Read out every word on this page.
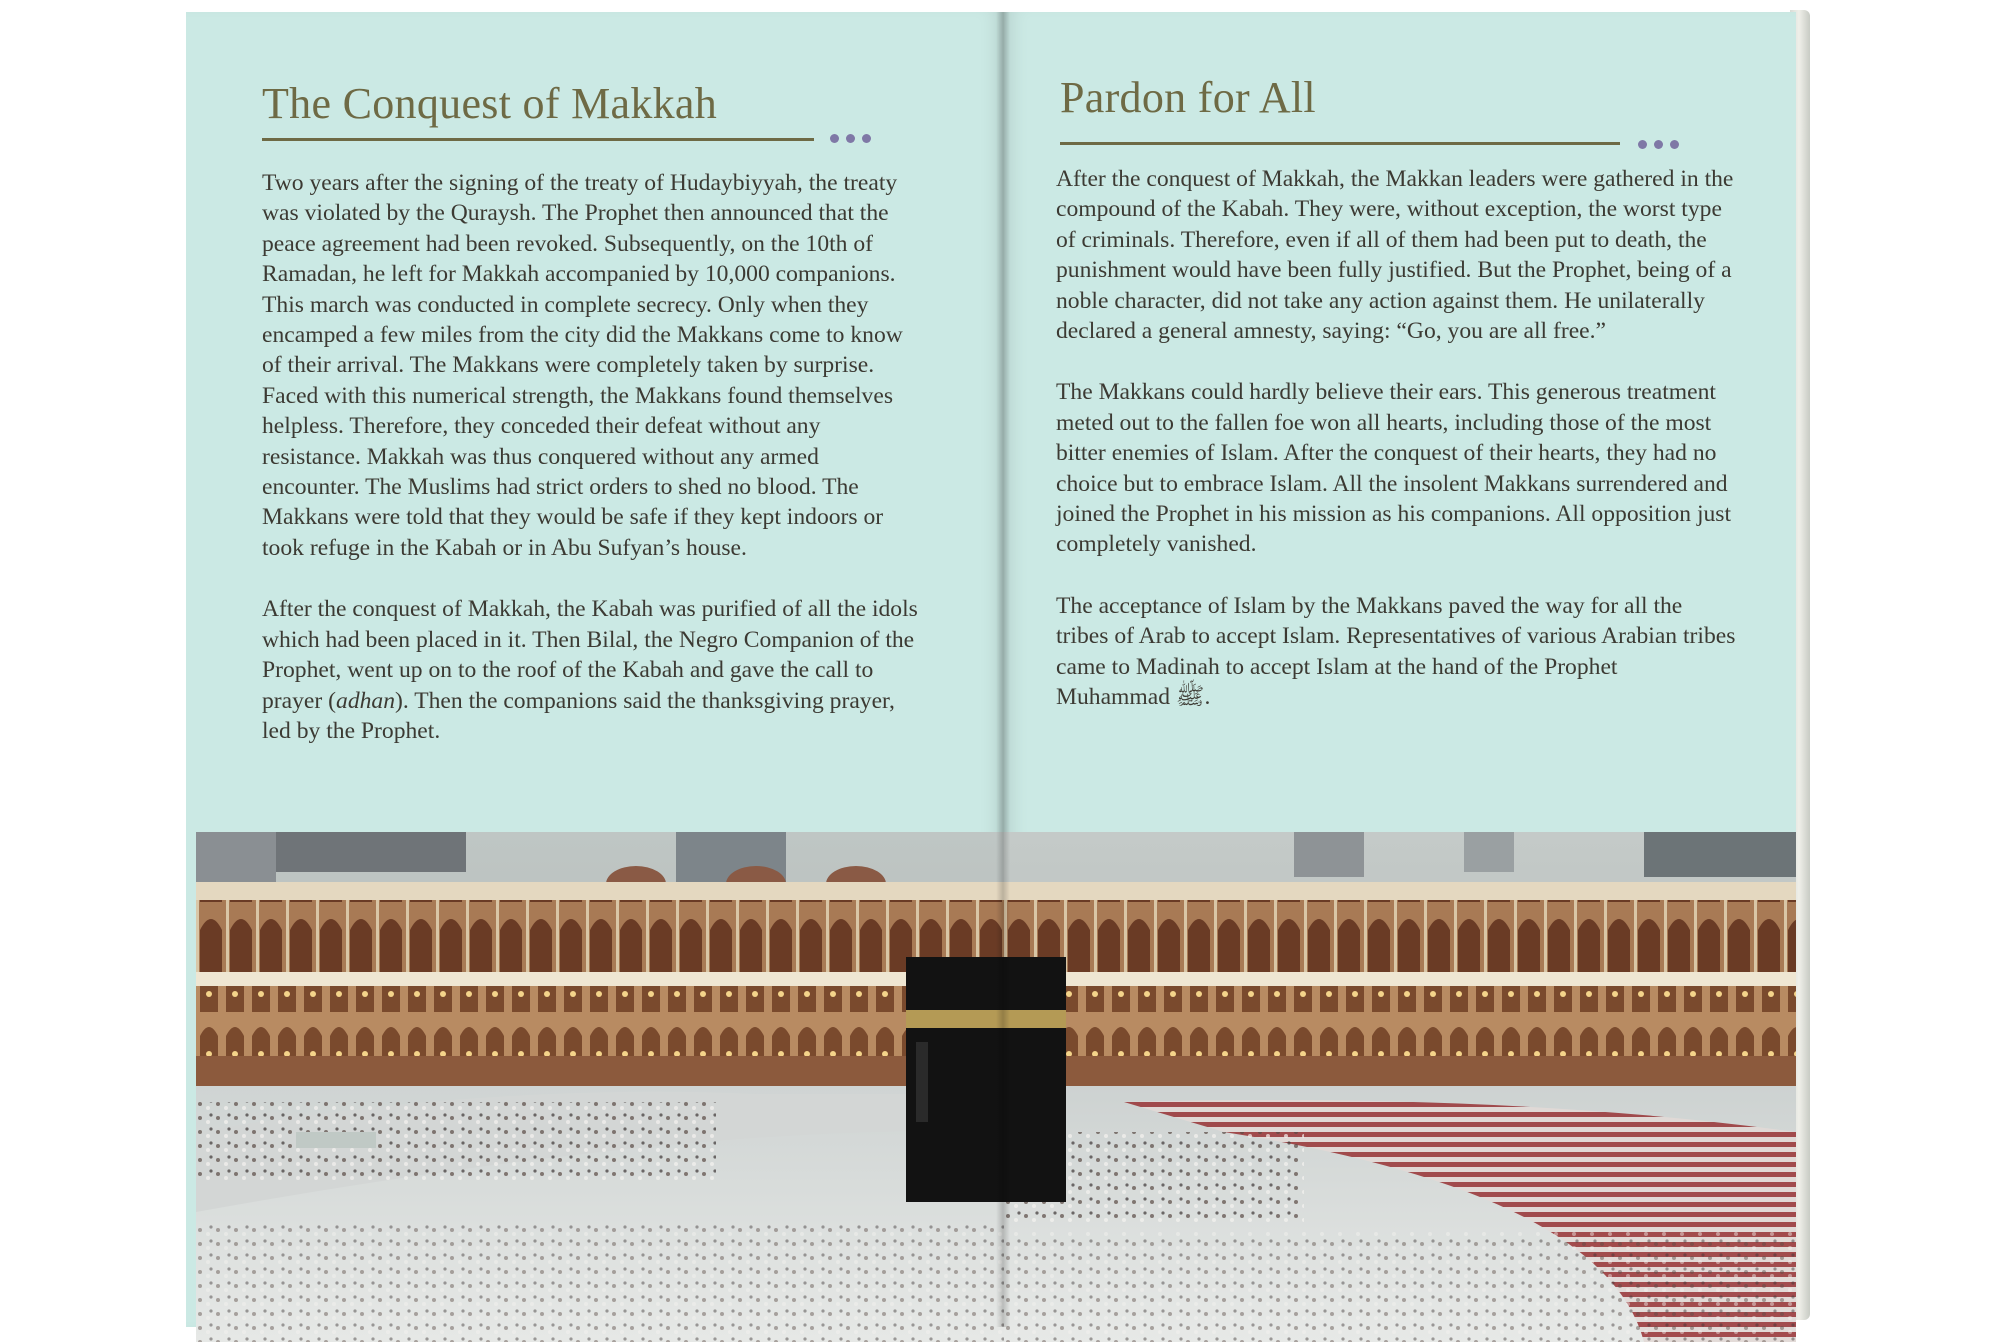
The Conquest of Makkah

Two years after the signing of the treaty of Hudaybiyyah, the treaty was violated by the Quraysh. The Prophet then announced that the peace agreement had been revoked. Subsequently, on the 10th of Ramadan, he left for Makkah accompanied by 10,000 companions. This march was conducted in complete secrecy. Only when they encamped a few miles from the city did the Makkans come to know of their arrival. The Makkans were completely taken by surprise. Faced with this numerical strength, the Makkans found themselves helpless. Therefore, they conceded their defeat without any resistance. Makkah was thus conquered without any armed encounter. The Muslims had strict orders to shed no blood. The Makkans were told that they would be safe if they kept indoors or took refuge in the Kabah or in Abu Sufyan’s house.

After the conquest of Makkah, the Kabah was purified of all the idols which had been placed in it. Then Bilal, the Negro Companion of the Prophet, went up on to the roof of the Kabah and gave the call to prayer (adhan). Then the companions said the thanksgiving prayer, led by the Prophet.

Pardon for All

After the conquest of Makkah, the Makkan leaders were gathered in the compound of the Kabah. They were, without exception, the worst type of criminals. Therefore, even if all of them had been put to death, the punishment would have been fully justified. But the Prophet, being of a noble character, did not take any action against them. He unilaterally declared a general amnesty, saying: “Go, you are all free.”

The Makkans could hardly believe their ears. This generous treatment meted out to the fallen foe won all hearts, including those of the most bitter enemies of Islam. After the conquest of their hearts, they had no choice but to embrace Islam. All the insolent Makkans surrendered and joined the Prophet in his mission as his companions. All opposition just completely vanished.

The acceptance of Islam by the Makkans paved the way for all the tribes of Arab to accept Islam. Representatives of various Arabian tribes came to Madinah to accept Islam at the hand of the Prophet Muhammad ﷺ.
